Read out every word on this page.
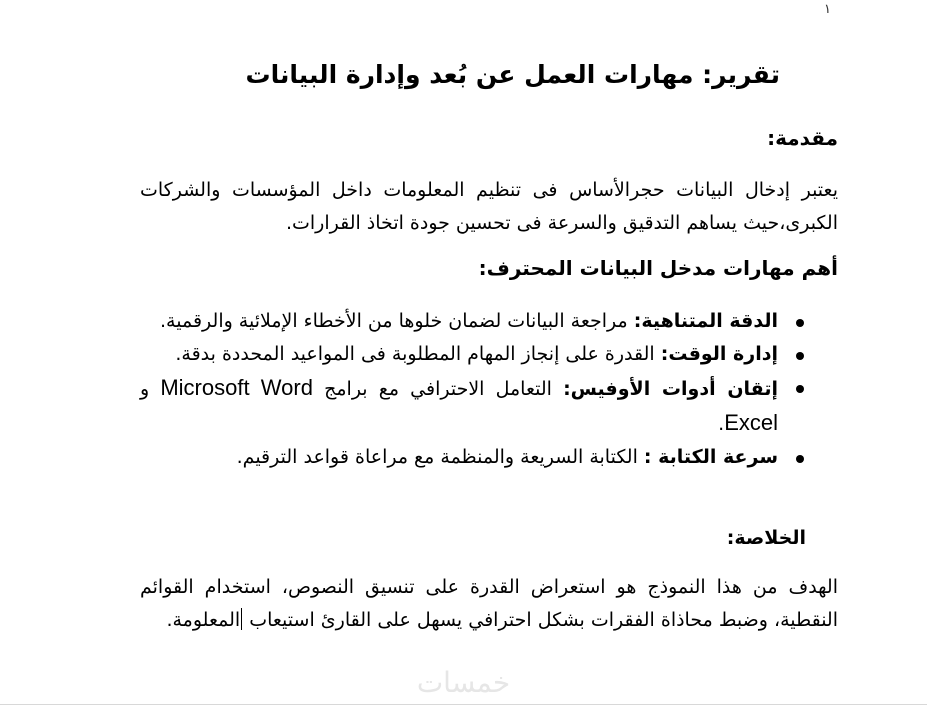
١
تقرير: مهارات العمل عن بُعد وإدارة البيانات
مقدمة:

يعتبر إدخال البيانات حجرالأساس فى تنظيم المعلومات داخل المؤسسات والشركات الكبرى،حيث يساهم التدقيق والسرعة فى تحسين جودة اتخاذ القرارات.

أهم مهارات مدخل البيانات المحترف:
الدقة المتناهية: مراجعة البيانات لضمان خلوها من الأخطاء الإملائية والرقمية.
إدارة الوقت: القدرة على إنجاز المهام المطلوبة فى المواعيد المحددة بدقة.
إتقان أدوات الأوفيس: التعامل الاحترافي مع برامج Microsoft Word و Excel.
سرعة الكتابة : الكتابة السريعة والمنظمة مع مراعاة قواعد الترقيم.
الخلاصة:

الهدف من هذا النموذج هو استعراض القدرة على تنسيق النصوص، استخدام القوائم النقطية، وضبط محاذاة الفقرات بشكل احترافي يسهل على القارئ استيعاب المعلومة.

خمسات
